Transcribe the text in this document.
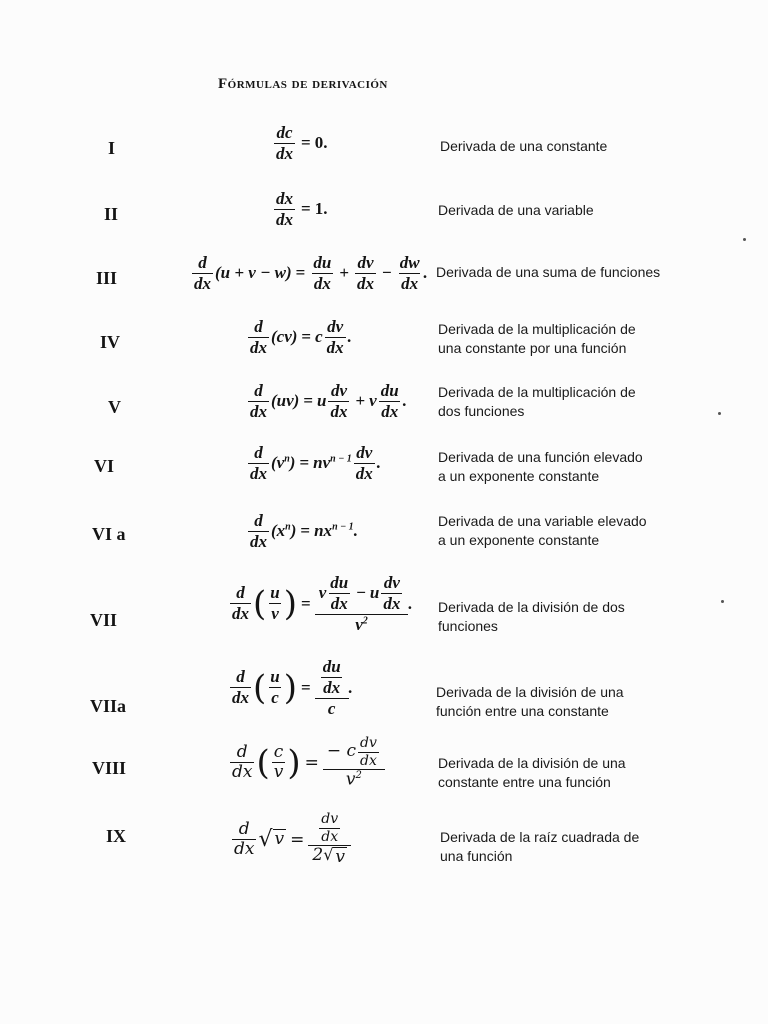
Fórmulas de derivación
I	$\frac{dc}{dx} = 0$.	Derivada de una constante
II	$\frac{dx}{dx} = 1$.	Derivada de una variable
III	$\frac{d}{dx} (u + v - w) = \frac{du}{dx} + \frac{dv}{dx} - \frac{dw}{dx}$ . Derivada de una suma de funciones
IV	$\frac{d}{dx} (cv) = c \frac{dv}{dx}$ .	Derivada de la multiplicación de
una constante por una función
V	$\frac{d}{dx} (uv) = u \frac{dv}{dx} + v \frac{du}{dx}$ . Derivada de la multiplicación de
dos funciones
VI	$\frac{d}{dx} (v^n) = nv^{n - 1} \frac{dv}{dx}$ .	Derivada de una función elevado
a un exponente constante
VI a	$\frac{d}{dx} (x^n) = nx^{n - 1}$.
Derivada de una variable elevado
a un exponente constante
VII	$\frac{d}{dx}$ ( $\frac{u}{v}$ ) = $\frac{v \frac{du}{dx} - u \frac{dv}{dx}}{v^2}$ . Derivada de la división de dos
funciones
VIIa	$\frac{d}{dx}$ ( $\frac{u}{c}$ ) = $\frac{\frac{du}{dx}}{c}$ .	Derivada de la división de una
función entre una constante
VIII	$\frac{d}{dx}$ ( $\frac{c}{v}$ ) = $\frac{- c \frac{dv}{dx}}{v^2}$	Derivada de la división de una
constante entre una función
IX	$\frac{d}{dx}$ √ $v = \frac{\frac{dv}{dx}}{2 √ v}$	Derivada de la raíz cuadrada de
una función
